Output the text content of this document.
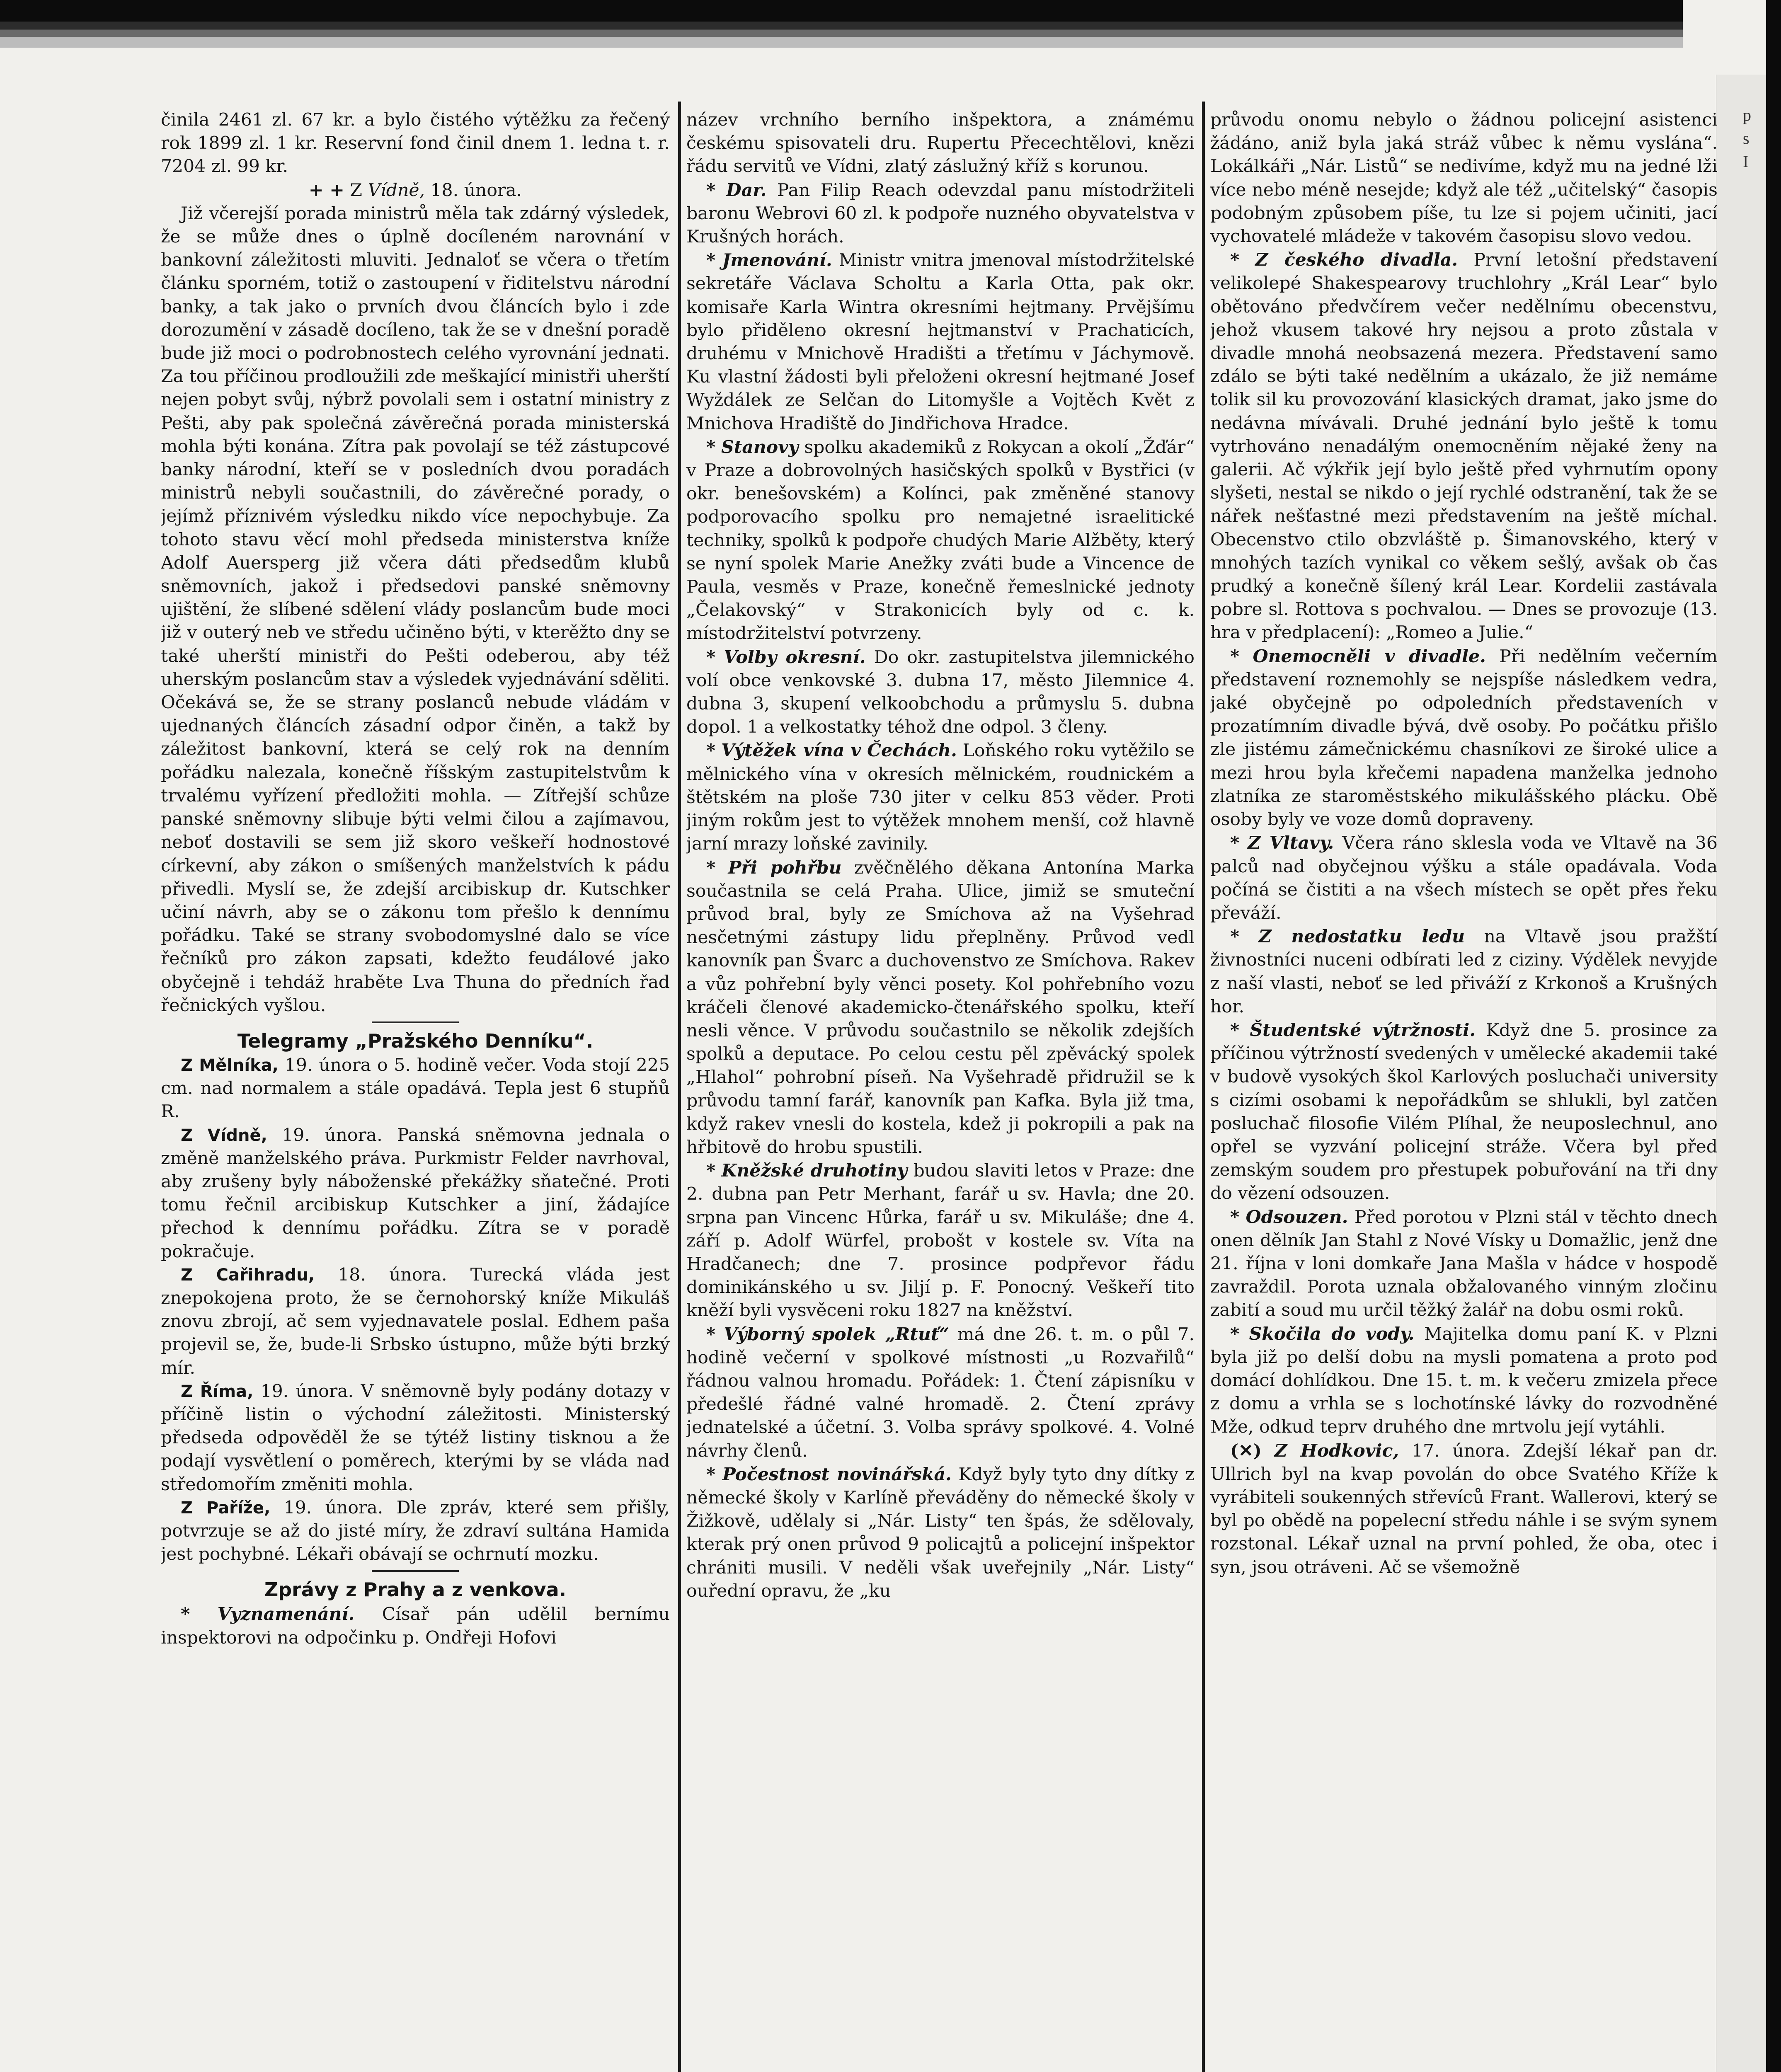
p
s
I

činila 2461 zl. 67 kr. a bylo čistého výtěžku za řečený rok 1899 zl. 1 kr. Reservní fond činil dnem 1. ledna t. r. 7204 zl. 99 kr.

+ + Z Vídně, 18. února.

Již včerejší porada ministrů měla tak zdárný výsledek, že se může dnes o úplně docíleném narovnání v bankovní záležitosti mluviti. Jednaloť se včera o třetím článku sporném, totiž o zastoupení v řiditelstvu národní banky, a tak jako o prvních dvou článcích bylo i zde dorozumění v zásadě docíleno, tak že se v dnešní poradě bude již moci o podrobnostech celého vyrovnání jednati. Za tou příčinou prodloužili zde meškající ministři uherští nejen pobyt svůj, nýbrž povolali sem i ostatní ministry z Pešti, aby pak společná závěrečná porada ministerská mohla býti konána. Zítra pak povolají se též zástupcové banky národní, kteří se v posledních dvou poradách ministrů nebyli součastnili, do závěrečné porady, o jejímž příznivém výsledku nikdo více nepochybuje. Za tohoto stavu věcí mohl předseda ministerstva kníže Adolf Auersperg již včera dáti předsedům klubů sněmovních, jakož i předsedovi panské sněmovny ujištění, že slíbené sdělení vlády poslancům bude moci již v outerý neb ve středu učiněno býti, v kterěžto dny se také uherští ministři do Pešti odeberou, aby též uherským poslancům stav a výsledek vyjednávání sděliti. Očekává se, že se strany poslanců nebude vládám v ujednaných článcích zásadní odpor činěn, a takž by záležitost bankovní, která se celý rok na denním pořádku nalezala, konečně říšským zastupitelstvům k trvalému vyřízení předložiti mohla. — Zítřejší schůze panské sněmovny slibuje býti velmi čilou a zajímavou, neboť dostavili se sem již skoro veškeří hodnostové církevní, aby zákon o smíšených manželstvích k pádu přivedli. Myslí se, že zdejší arcibiskup dr. Kutschker učiní návrh, aby se o zákonu tom přešlo k dennímu pořádku. Také se strany svobodomyslné dalo se více řečníků pro zákon zapsati, kdežto feudálové jako obyčejně i tehdáž hraběte Lva Thuna do předních řad řečnických vyšlou.

Telegramy „Pražského Denníku“.

Z Mělníka, 19. února o 5. hodině večer. Voda stojí 225 cm. nad normalem a stále opadává. Tepla jest 6 stupňů R.

Z Vídně, 19. února. Panská sněmovna jednala o změně manželského práva. Purkmistr Felder navrhoval, aby zrušeny byly náboženské překážky sňatečné. Proti tomu řečnil arcibiskup Kutschker a jiní, žádajíce přechod k dennímu pořádku. Zítra se v poradě pokračuje.

Z Cařihradu, 18. února. Turecká vláda jest znepokojena proto, že se černohorský kníže Mikuláš znovu zbrojí, ač sem vyjednavatele poslal. Edhem paša projevil se, že, bude-li Srbsko ústupno, může býti brzký mír.

Z Říma, 19. února. V sněmovně byly podány dotazy v příčině listin o východní záležitosti. Ministerský předseda odpověděl že se týtéž listiny tisknou a že podají vysvětlení o poměrech, kterými by se vláda nad středomořím změniti mohla.

Z Paříže, 19. února. Dle zpráv, které sem přišly, potvrzuje se až do jisté míry, že zdraví sultána Hamida jest pochybné. Lékaři obávají se ochrnutí mozku.

Zprávy z Prahy a z venkova.

* Vyznamenání. Císař pán udělil bernímu inspektorovi na odpočinku p. Ondřeji Hofovi

název vrchního berního inšpektora, a známému českému spisovateli dru. Rupertu Přecechtělovi, knězi řádu servitů ve Vídni, zlatý záslužný kříž s korunou.

* Dar. Pan Filip Reach odevzdal panu místodržiteli baronu Webrovi 60 zl. k podpoře nuzného obyvatelstva v Krušných horách.

* Jmenování. Ministr vnitra jmenoval místodržitelské sekretáře Václava Scholtu a Karla Otta, pak okr. komisaře Karla Wintra okresními hejtmany. Prvějšímu bylo přiděleno okresní hejtmanství v Prachaticích, druhému v Mnichově Hradišti a třetímu v Jáchymově. Ku vlastní žádosti byli přeloženi okresní hejtmané Josef Wyždálek ze Selčan do Litomyšle a Vojtěch Květ z Mnichova Hradiště do Jindřichova Hradce.

* Stanovy spolku akademiků z Rokycan a okolí „Žďár“ v Praze a dobrovolných hasičských spolků v Bystřici (v okr. benešovském) a Kolínci, pak změněné stanovy podporovacího spolku pro nemajetné israelitické techniky, spolků k podpoře chudých Marie Alžběty, který se nyní spolek Marie Anežky zváti bude a Vincence de Paula, vesměs v Praze, konečně řemeslnické jednoty „Čelakovský“ v Strakonicích byly od c. k. místodržitelství potvrzeny.

* Volby okresní. Do okr. zastupitelstva jilemnického volí obce venkovské 3. dubna 17, město Jilemnice 4. dubna 3, skupení velkoobchodu a průmyslu 5. dubna dopol. 1 a velkostatky téhož dne odpol. 3 členy.

* Výtěžek vína v Čechách. Loňského roku vytěžilo se mělnického vína v okresích mělnickém, roudnickém a štětském na ploše 730 jiter v celku 853 věder. Proti jiným rokům jest to výtěžek mnohem menší, což hlavně jarní mrazy loňské zavinily.

* Při pohřbu zvěčnělého děkana Antonína Marka součastnila se celá Praha. Ulice, jimiž se smuteční průvod bral, byly ze Smíchova až na Vyšehrad nesčetnými zástupy lidu přeplněny. Průvod vedl kanovník pan Švarc a duchovenstvo ze Smíchova. Rakev a vůz pohřební byly věnci posety. Kol pohřebního vozu kráčeli členové akademicko-čtenářského spolku, kteří nesli věnce. V průvodu součastnilo se několik zdejších spolků a deputace. Po celou cestu pěl zpěvácký spolek „Hlahol“ pohrobní píseň. Na Vyšehradě přidružil se k průvodu tamní farář, kanovník pan Kafka. Byla již tma, když rakev vnesli do kostela, kdež ji pokropili a pak na hřbitově do hrobu spustili.

* Kněžské druhotiny budou slaviti letos v Praze: dne 2. dubna pan Petr Merhant, farář u sv. Havla; dne 20. srpna pan Vincenc Hůrka, farář u sv. Mikuláše; dne 4. září p. Adolf Würfel, probošt v kostele sv. Víta na Hradčanech; dne 7. prosince podpřevor řádu dominikánského u sv. Jiljí p. F. Ponocný. Veškeří tito kněží byli vysvěceni roku 1827 na kněžství.

* Výborný spolek „Rtuť“ má dne 26. t. m. o půl 7. hodině večerní v spolkové místnosti „u Rozvařilů“ řádnou valnou hromadu. Pořádek: 1. Čtení zápisníku v předešlé řádné valné hromadě. 2. Čtení zprávy jednatelské a účetní. 3. Volba správy spolkové. 4. Volné návrhy členů.

* Počestnost novinářská. Když byly tyto dny dítky z německé školy v Karlíně převáděny do německé školy v Žižkově, udělaly si „Nár. Listy“ ten špás, že sdělovaly, kterak prý onen průvod 9 policajtů a policejní inšpektor chrániti musili. V neděli však uveřejnily „Nár. Listy“ ouřední opravu, že „ku

průvodu onomu nebylo o žádnou policejní asistenci žádáno, aniž byla jaká stráž vůbec k němu vyslána“. Lokálkáři „Nár. Listů“ se nedivíme, když mu na jedné lži více nebo méně nesejde; když ale též „učitelský“ časopis podobným způsobem píše, tu lze si pojem učiniti, jací vychovatelé mládeže v takovém časopisu slovo vedou.

* Z českého divadla. První letošní představení velikolepé Shakespearovy truchlohry „Král Lear“ bylo obětováno předvčírem večer nedělnímu obecenstvu, jehož vkusem takové hry nejsou a proto zůstala v divadle mnohá neobsazená mezera. Představení samo zdálo se býti také nedělním a ukázalo, že již nemáme tolik sil ku provozování klasických dramat, jako jsme do nedávna mívávali. Druhé jednání bylo ještě k tomu vytrhováno nenadálým onemocněním nějaké ženy na galerii. Ač výkřik její bylo ještě před vyhrnutím opony slyšeti, nestal se nikdo o její rychlé odstranění, tak že se nářek nešťastné mezi představením na ještě míchal. Obecenstvo ctilo obzvláště p. Šimanovského, který v mnohých tazích vynikal co věkem sešlý, avšak ob čas prudký a konečně šílený král Lear. Kordelii zastávala pobre sl. Rottova s pochvalou. — Dnes se provozuje (13. hra v předplacení): „Romeo a Julie.“

* Onemocněli v divadle. Při nedělním večerním představení roznemohly se nejspíše následkem vedra, jaké obyčejně po odpoledních představeních v prozatímním divadle bývá, dvě osoby. Po počátku přišlo zle jistému zámečnickému chasníkovi ze široké ulice a mezi hrou byla křečemi napadena manželka jednoho zlatníka ze staroměstského mikulášského plácku. Obě osoby byly ve voze domů dopraveny.

* Z Vltavy. Včera ráno sklesla voda ve Vltavě na 36 palců nad obyčejnou výšku a stále opadávala. Voda počíná se čistiti a na všech místech se opět přes řeku převáží.

* Z nedostatku ledu na Vltavě jsou pražští živnostníci nuceni odbírati led z ciziny. Výdělek nevyjde z naší vlasti, neboť se led přiváží z Krkonoš a Krušných hor.

* Študentské výtržnosti. Když dne 5. prosince za příčinou výtržností svedených v umělecké akademii také v budově vysokých škol Karlových posluchači university s cizími osobami k nepořádkům se shlukli, byl zatčen posluchač filosofie Vilém Plíhal, že neuposlechnul, ano opřel se vyzvání policejní stráže. Včera byl před zemským soudem pro přestupek pobuřování na tři dny do vězení odsouzen.

* Odsouzen. Před porotou v Plzni stál v těchto dnech onen dělník Jan Stahl z Nové Vísky u Domažlic, jenž dne 21. října v loni domkaře Jana Mašla v hádce v hospodě zavraždil. Porota uznala obžalovaného vinným zločinu zabití a soud mu určil těžký žalář na dobu osmi roků.

* Skočila do vody. Majitelka domu paní K. v Plzni byla již po delší dobu na mysli pomatena a proto pod domácí dohlídkou. Dne 15. t. m. k večeru zmizela přece z domu a vrhla se s lochotínské lávky do rozvodněné Mže, odkud teprv druhého dne mrtvolu její vytáhli.

(✕) Z Hodkovic, 17. února. Zdejší lékař pan dr. Ullrich byl na kvap povolán do obce Svatého Kříže k vyrábiteli soukenných střevíců Frant. Wallerovi, který se byl po obědě na popelecní středu náhle i se svým synem rozstonal. Lékař uznal na první pohled, že oba, otec i syn, jsou otráveni. Ač se všemožně
